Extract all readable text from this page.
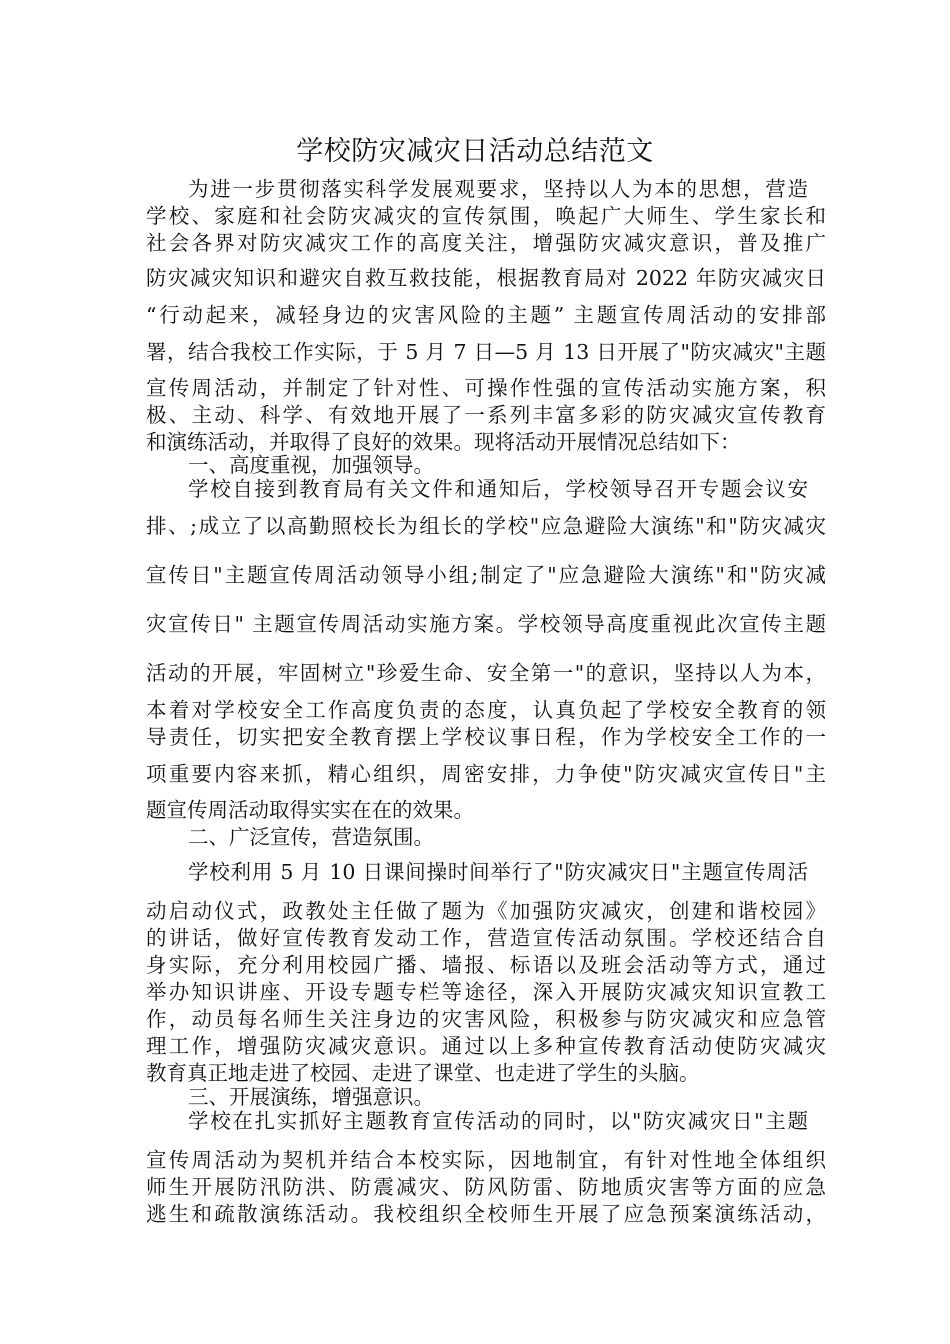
学校防灾减灾日活动总结范文
为进一步贯彻落实科学发展观要求，坚持以人为本的思想，营造
学校、家庭和社会防灾减灾的宣传氛围，唤起广大师生、学生家长和
社会各界对防灾减灾工作的高度关注，增强防灾减灾意识，普及推广
防灾减灾知识和避灾自救互救技能，根据教育局对 2022 年防灾减灾日
“行动起来，减轻身边的灾害风险的主题” 主题宣传周活动的安排部
署，结合我校工作实际，于 5 月 7 日—5 月 13 日开展了"防灾减灾"主题
宣传周活动，并制定了针对性、可操作性强的宣传活动实施方案，积
极、主动、科学、有效地开展了一系列丰富多彩的防灾减灾宣传教育
和演练活动，并取得了良好的效果。现将活动开展情况总结如下：
一、高度重视，加强领导。
学校自接到教育局有关文件和通知后，学校领导召开专题会议安
排、;成立了以高勤照校长为组长的学校"应急避险大演练"和"防灾减灾
宣传日"主题宣传周活动领导小组;制定了"应急避险大演练"和"防灾减
灾宣传日" 主题宣传周活动实施方案。学校领导高度重视此次宣传主题
活动的开展，牢固树立"珍爱生命、安全第一"的意识，坚持以人为本，
本着对学校安全工作高度负责的态度，认真负起了学校安全教育的领
导责任，切实把安全教育摆上学校议事日程，作为学校安全工作的一
项重要内容来抓，精心组织，周密安排，力争使"防灾减灾宣传日"主
题宣传周活动取得实实在在的效果。
二、广泛宣传，营造氛围。
学校利用 5 月 10 日课间操时间举行了"防灾减灾日"主题宣传周活
动启动仪式，政教处主任做了题为《加强防灾减灾，创建和谐校园》
的讲话，做好宣传教育发动工作，营造宣传活动氛围。学校还结合自
身实际，充分利用校园广播、墙报、标语以及班会活动等方式，通过
举办知识讲座、开设专题专栏等途径，深入开展防灾减灾知识宣教工
作，动员每名师生关注身边的灾害风险，积极参与防灾减灾和应急管
理工作，增强防灾减灾意识。通过以上多种宣传教育活动使防灾减灾
教育真正地走进了校园、走进了课堂、也走进了学生的头脑。
三、开展演练，增强意识。
学校在扎实抓好主题教育宣传活动的同时，以"防灾减灾日"主题
宣传周活动为契机并结合本校实际，因地制宜，有针对性地全体组织
师生开展防汛防洪、防震减灾、防风防雷、防地质灾害等方面的应急
逃生和疏散演练活动。我校组织全校师生开展了应急预案演练活动，
